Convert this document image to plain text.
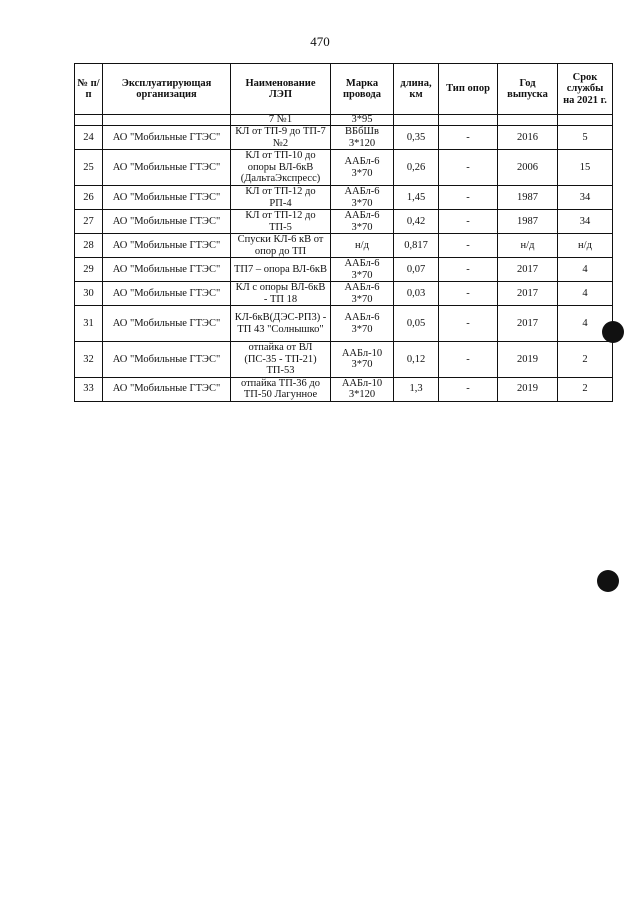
470
№ п/п	Эксплуатирующая организация	Наименование ЛЭП	Марка провода	длина, км	Тип опор	Год выпуска	Срок службы на 2021 г.
		7 №1	3*95				
24	АО "Мобильные ГТЭС"	КЛ от ТП-9 до ТП-7 №2	ВБбШв 3*120	0,35	-	2016	5
25	АО "Мобильные ГТЭС"	КЛ от ТП-10 до опоры ВЛ-6кВ (ДальтаЭкспресс)	ААБл-6 3*70	0,26	-	2006	15
26	АО "Мобильные ГТЭС"	КЛ от ТП-12 до РП-4	ААБл-6 3*70	1,45	-	1987	34
27	АО "Мобильные ГТЭС"	КЛ от ТП-12 до ТП-5	ААБл-6 3*70	0,42	-	1987	34
28	АО "Мобильные ГТЭС"	Спуски КЛ-6 кВ от опор до ТП	н/д	0,817	-	н/д	н/д
29	АО "Мобильные ГТЭС"	ТП7 – опора ВЛ-6кВ	ААБл-6 3*70	0,07	-	2017	4
30	АО "Мобильные ГТЭС"	КЛ с опоры ВЛ-6кВ - ТП 18	ААБл-6 3*70	0,03	-	2017	4
31	АО "Мобильные ГТЭС"	КЛ-6кВ(ДЭС-РП3) - ТП 43 "Солнышко"	ААБл-6 3*70	0,05	-	2017	4
32	АО "Мобильные ГТЭС"	отпайка от ВЛ (ПС-35 - ТП-21) ТП-53	ААБл-10 3*70	0,12	-	2019	2
33	АО "Мобильные ГТЭС"	отпайка ТП-36 до ТП-50 Лагунное	ААБл-10 3*120	1,3	-	2019	2
